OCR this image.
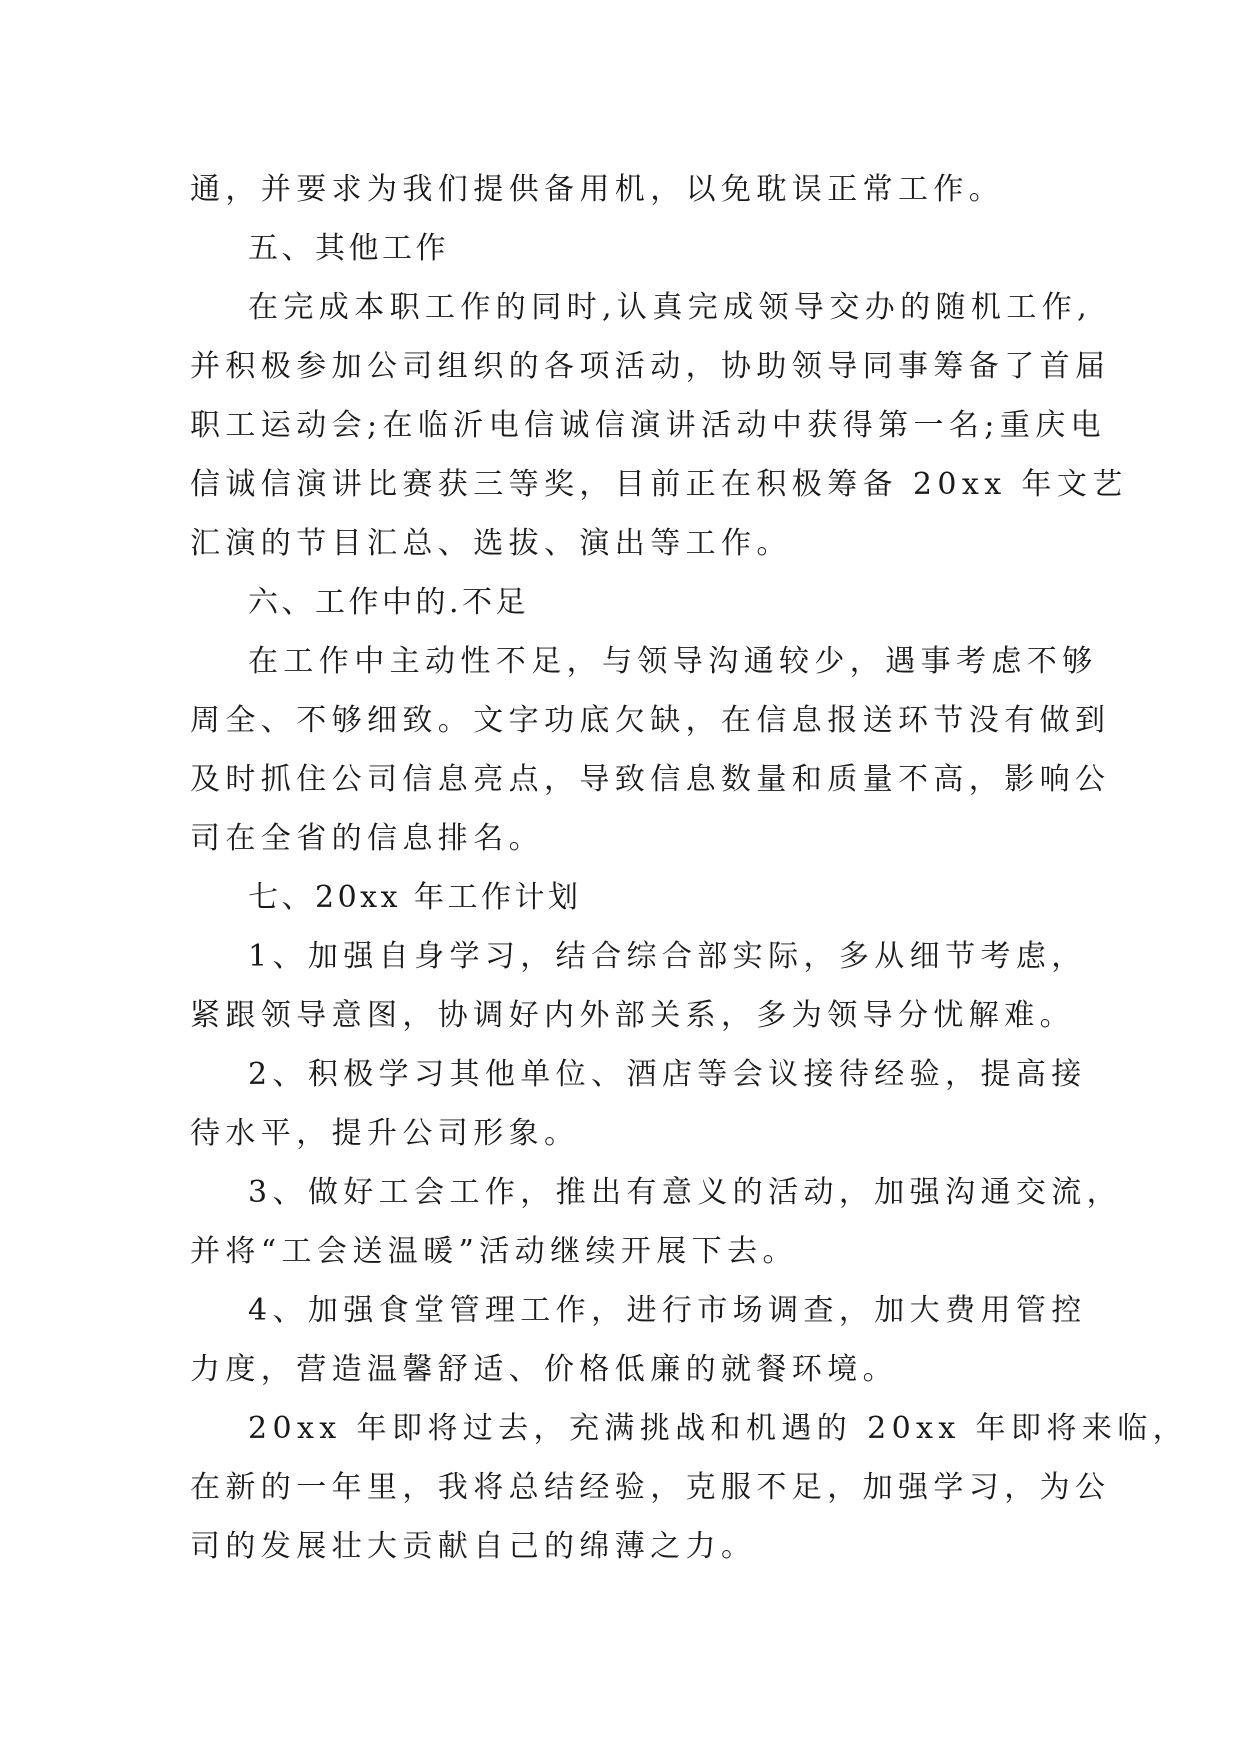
通，并要求为我们提供备用机，以免耽误正常工作。

五、其他工作

在完成本职工作的同时,认真完成领导交办的随机工作,

并积极参加公司组织的各项活动，协助领导同事筹备了首届

职工运动会;在临沂电信诚信演讲活动中获得第一名;重庆电

信诚信演讲比赛获三等奖，目前正在积极筹备 20xx 年文艺

汇演的节目汇总、选拔、演出等工作。

六、工作中的.不足

在工作中主动性不足，与领导沟通较少，遇事考虑不够

周全、不够细致。文字功底欠缺，在信息报送环节没有做到

及时抓住公司信息亮点，导致信息数量和质量不高，影响公

司在全省的信息排名。

七、20xx 年工作计划

1、加强自身学习，结合综合部实际，多从细节考虑，

紧跟领导意图，协调好内外部关系，多为领导分忧解难。

2、积极学习其他单位、酒店等会议接待经验，提高接

待水平，提升公司形象。

3、做好工会工作，推出有意义的活动，加强沟通交流，

并将“工会送温暖”活动继续开展下去。

4、加强食堂管理工作，进行市场调查，加大费用管控

力度，营造温馨舒适、价格低廉的就餐环境。

20xx 年即将过去，充满挑战和机遇的 20xx 年即将来临，

在新的一年里，我将总结经验，克服不足，加强学习，为公

司的发展壮大贡献自己的绵薄之力。
